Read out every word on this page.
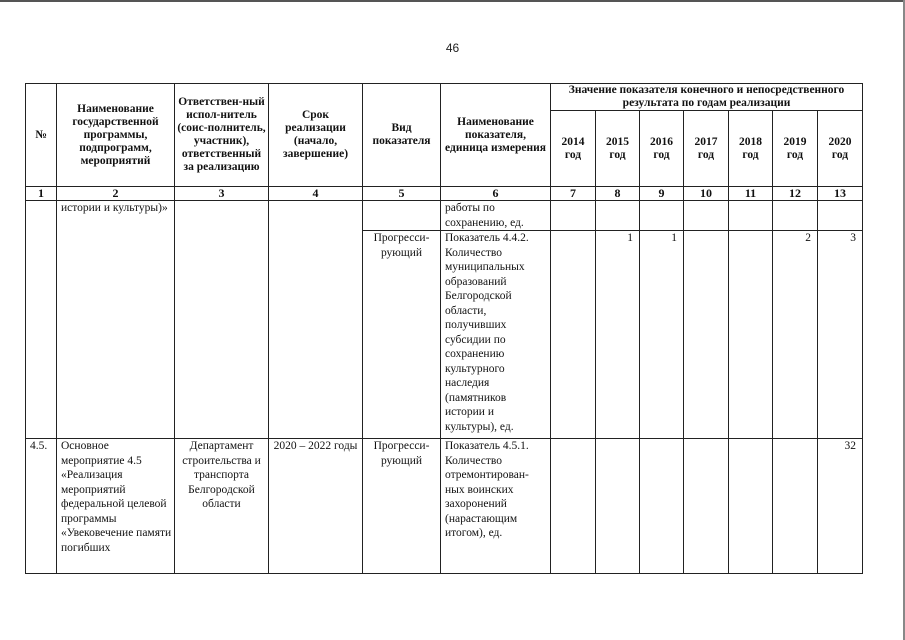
46
№	Наименование государственной программы, подпрограмм, мероприятий	Ответствен-ный испол-нитель (соис-полнитель, участник), ответственный за реализацию	Срок реализации (начало, завершение)	Вид показателя	Наименование показателя, единица измерения	Значение показателя конечного и непосредственного результата по годам реализации						
						2014 год	2015 год	2016 год	2017 год	2018 год	2019 год	2020 год
1	2	3	4	5	6	7	8	9	10	11	12	13
	истории и культуры)»				работы по сохранению, ед.							
				Прогресси-рующий	Показатель 4.4.2. Количество муниципальных образований Белгородской области, получивших субсидии по сохранению культурного наследия (памятников истории и культуры), ед.		1	1			2	3
4.5.	Основное мероприятие 4.5 «Реализация мероприятий федеральной целевой программы «Увековечение памяти погибших	Департамент строительства и транспорта Белгородской области	2020 – 2022 годы	Прогресси-рующий	Показатель 4.5.1. Количество отремонтирован-ных воинских захоронений (нарастающим итогом), ед.							32
